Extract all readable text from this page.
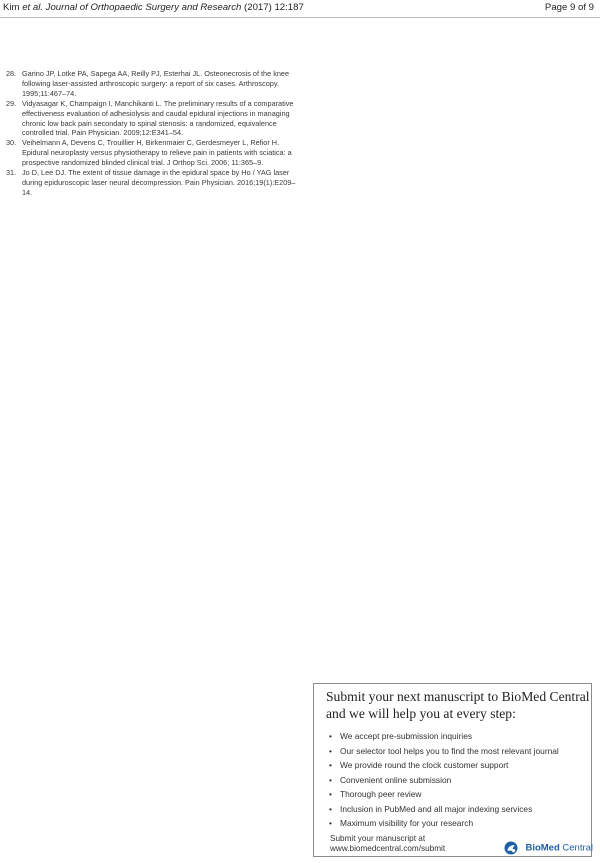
Kim et al. Journal of Orthopaedic Surgery and Research (2017) 12:187	Page 9 of 9
28. Garino JP, Lotke PA, Sapega AA, Reilly PJ, Esterhai JL. Osteonecrosis of the knee following laser-assisted arthroscopic surgery: a report of six cases. Arthroscopy. 1995;11:467–74.
29. Vidyasagar K, Champaign I, Manchikanti L. The preliminary results of a comparative effectiveness evaluation of adhesiolysis and caudal epidural injections in managing chronic low back pain secondary to spinal stenosis: a randomized, equivalence controlled trial. Pain Physician. 2009;12:E341–54.
30. Veihelmann A, Devens C, Trouillier H, Birkenmaier C, Gerdesmeyer L, Refior H. Epidural neuroplasty versus physiotherapy to relieve pain in patients with sciatica: a prospective randomized blinded clinical trial. J Orthop Sci. 2006; 11:365–9.
31. Jo D, Lee DJ. The extent of tissue damage in the epidural space by Ho / YAG laser during epiduroscopic laser neural decompression. Pain Physician. 2016;19(1):E209–14.
Submit your next manuscript to BioMed Central
and we will help you at every step:
• We accept pre-submission inquiries
• Our selector tool helps you to find the most relevant journal
• We provide round the clock customer support
• Convenient online submission
• Thorough peer review
• Inclusion in PubMed and all major indexing services
• Maximum visibility for your research
Submit your manuscript at
www.biomedcentral.com/submit	BioMed Central
